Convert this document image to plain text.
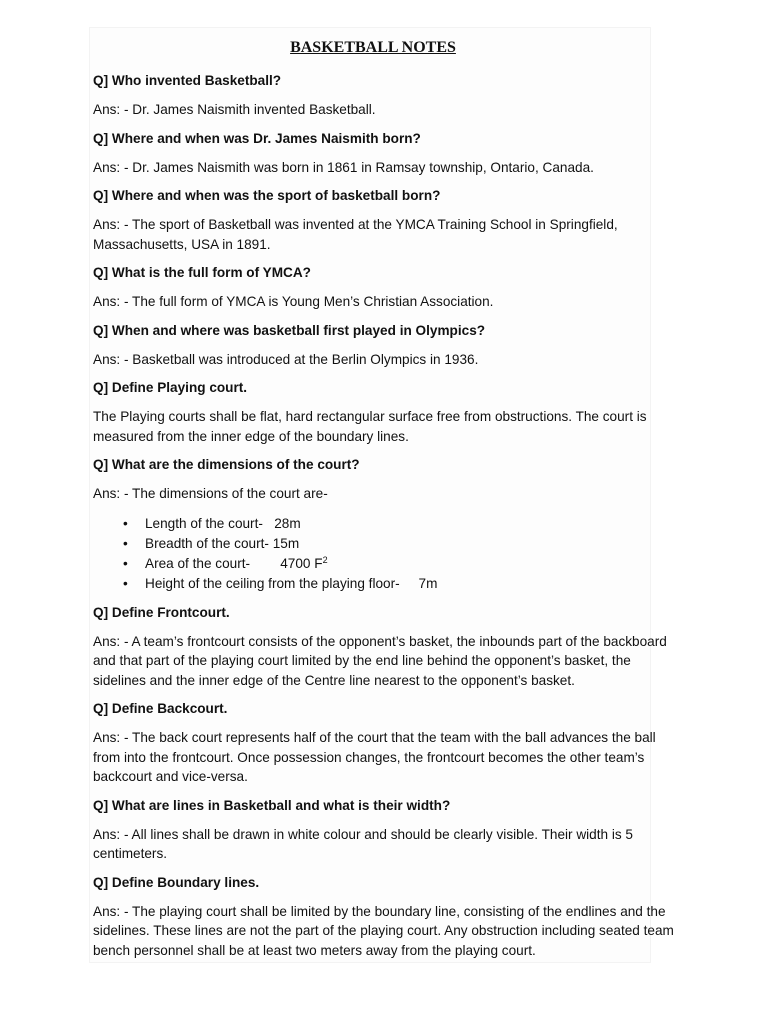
BASKETBALL NOTES
Q] Who invented Basketball?
Ans: - Dr. James Naismith invented Basketball.
Q] Where and when was Dr. James Naismith born?
Ans: - Dr. James Naismith was born in 1861 in Ramsay township, Ontario, Canada.
Q] Where and when was the sport of basketball born?
Ans: - The sport of Basketball was invented at the YMCA Training School in Springfield, Massachusetts, USA in 1891.
Q] What is the full form of YMCA?
Ans: - The full form of YMCA is Young Men’s Christian Association.
Q] When and where was basketball first played in Olympics?
Ans: - Basketball was introduced at the Berlin Olympics in 1936.
Q] Define Playing court.
The Playing courts shall be flat, hard rectangular surface free from obstructions. The court is measured from the inner edge of the boundary lines.
Q] What are the dimensions of the court?
Ans: - The dimensions of the court are-
• Length of the court-   28m
• Breadth of the court- 15m
• Area of the court-        4700 $F^2$
• Height of the ceiling from the playing floor-     7m
Q] Define Frontcourt.
Ans: - A team’s frontcourt consists of the opponent’s basket, the inbounds part of the backboard and that part of the playing court limited by the end line behind the opponent’s basket, the sidelines and the inner edge of the Centre line nearest to the opponent’s basket.
Q] Define Backcourt.
Ans: - The back court represents half of the court that the team with the ball advances the ball from into the frontcourt. Once possession changes, the frontcourt becomes the other team’s backcourt and vice-versa.
Q] What are lines in Basketball and what is their width?
Ans: - All lines shall be drawn in white colour and should be clearly visible. Their width is 5 centimeters.
Q] Define Boundary lines.
Ans: - The playing court shall be limited by the boundary line, consisting of the endlines and the sidelines. These lines are not the part of the playing court. Any obstruction including seated team bench personnel shall be at least two meters away from the playing court.
